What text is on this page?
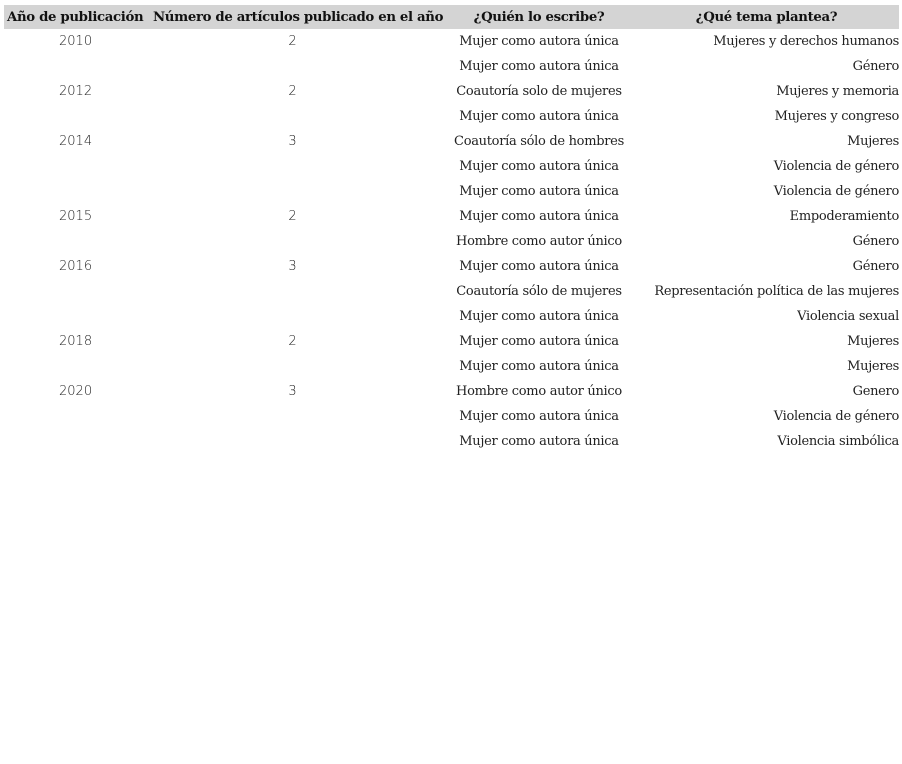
Año de publicación	Número de artículos publicado en el año	¿Quién lo escribe?	¿Qué tema plantea?
2010	2	Mujer como autora única	Mujeres y derechos humanos
		Mujer como autora única	Género
2012	2	Coautoría solo de mujeres	Mujeres y memoria
		Mujer como autora única	Mujeres y congreso
2014	3	Coautoría sólo de hombres	Mujeres
		Mujer como autora única	Violencia de género
		Mujer como autora única	Violencia de género
2015	2	Mujer como autora única	Empoderamiento
		Hombre como autor único	Género
2016	3	Mujer como autora única	Género
		Coautoría sólo de mujeres	Representación política de las mujeres
		Mujer como autora única	Violencia sexual
2018	2	Mujer como autora única	Mujeres
		Mujer como autora única	Mujeres
2020	3	Hombre como autor único	Genero
		Mujer como autora única	Violencia de género
		Mujer como autora única	Violencia simbólica
